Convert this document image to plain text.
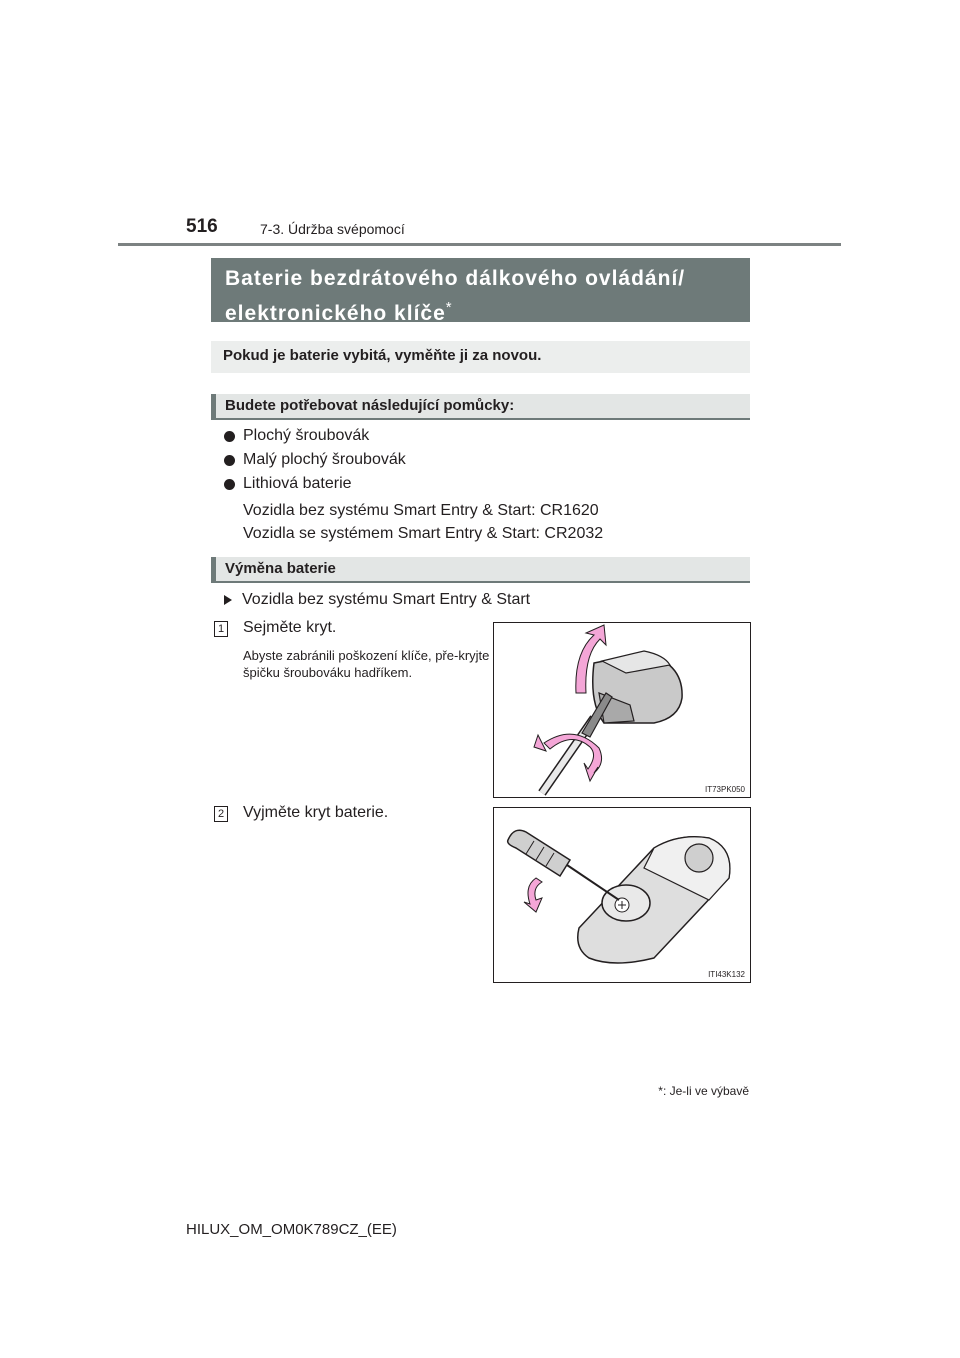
516	7-3. Údržba svépomocí
Baterie bezdrátového dálkového ovládání/
elektronického klíče*
Pokud je baterie vybitá, vyměňte ji za novou.
Budete potřebovat následující pomůcky:
Plochý šroubovák
Malý plochý šroubovák
Lithiová baterie
Vozidla bez systému Smart Entry & Start: CR1620
Vozidla se systémem Smart Entry & Start: CR2032
Výměna baterie
Vozidla bez systému Smart Entry & Start
1 Sejměte kryt.
Abyste zabránili poškození klíče, pře-kryjte špičku šroubováku hadříkem.
IT73PK050
2 Vyjměte kryt baterie.
ITI43K132
*: Je-li ve výbavě
HILUX_OM_OM0K789CZ_(EE)
